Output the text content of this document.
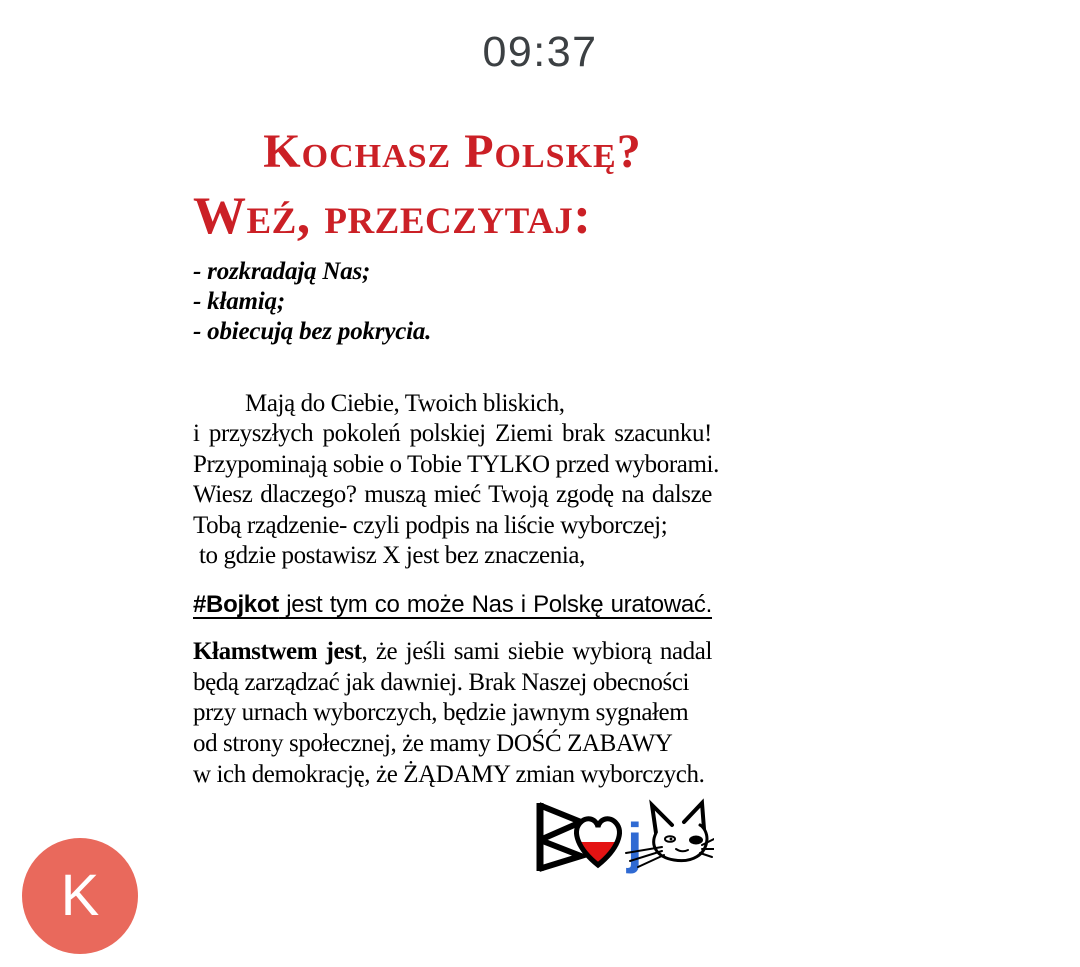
09:37
Kochasz Polskę?
Weź, przeczytaj:
- rozkradają Nas;
- kłamią;
- obiecują bez pokrycia.
Mają do Ciebie, Twoich bliskich,
i przyszłych pokoleń polskiej Ziemi brak szacunku!
Przypominają sobie o Tobie TYLKO przed wyborami.
Wiesz dlaczego? muszą mieć Twoją zgodę na dalsze
Tobą rządzenie- czyli podpis na liście wyborczej;
to gdzie postawisz X jest bez znaczenia,
#Bojkot jest tym co może Nas i Polskę uratować.
Kłamstwem jest, że jeśli sami siebie wybiorą nadal
będą zarządzać jak dawniej. Brak Naszej obecności
przy urnach wyborczych, będzie jawnym sygnałem
od strony społecznej, że mamy DOŚĆ ZABAWY
w ich demokrację, że ŻĄDAMY zmian wyborczych.
j
K
